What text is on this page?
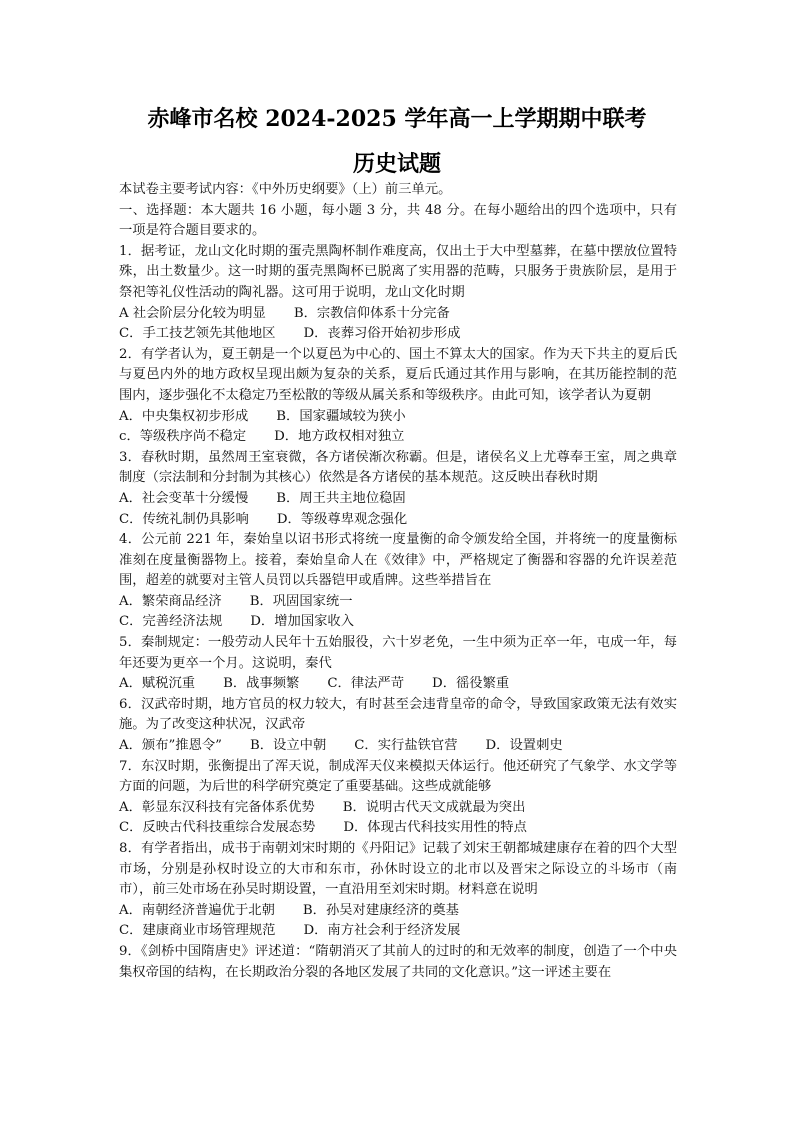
赤峰市名校 2024-2025 学年高一上学期期中联考
历史试题

本试卷主要考试内容：《中外历史纲要》（上）前三单元。

一、选择题：本大题共 16 小题，每小题 3 分，共 48 分。在每小题给出的四个选项中，只有一项是符合题目要求的。

1．据考证，龙山文化时期的蛋壳黑陶杯制作难度高，仅出土于大中型墓葬，在墓中摆放位置特殊，出土数量少。这一时期的蛋壳黑陶杯已脱离了实用器的范畴，只服务于贵族阶层，是用于祭祀等礼仪性活动的陶礼器。这可用于说明，龙山文化时期

A 社会阶层分化较为明显 B．宗教信仰体系十分完备
C．手工技艺领先其他地区 D．丧葬习俗开始初步形成

2．有学者认为，夏王朝是一个以夏邑为中心的、国土不算太大的国家。作为天下共主的夏后氏与夏邑内外的地方政权呈现出颇为复杂的关系，夏后氏通过其作用与影响，在其历能控制的范围内，逐步强化不太稳定乃至松散的等级从属关系和等级秩序。由此可知，该学者认为夏朝

A．中央集权初步形成 B．国家疆域较为狭小
c．等级秩序尚不稳定 D．地方政权相对独立

3．春秋时期，虽然周王室衰微，各方诸侯渐次称霸。但是，诸侯名义上尤尊奉王室，周之典章制度（宗法制和分封制为其核心）依然是各方诸侯的基本规范。这反映出春秋时期

A．社会变革十分缓慢 B．周王共主地位稳固
C．传统礼制仍具影响 D．等级尊卑观念强化

4．公元前 221 年，秦始皇以诏书形式将统一度量衡的命令颁发给全国，并将统一的度量衡标准刻在度量衡器物上。接着，秦始皇命人在《效律》中，严格规定了衡器和容器的允许误差范围，超差的就要对主管人员罚以兵器铠甲或盾牌。这些举措旨在

A．繁荣商品经济 B．巩固国家统一
C．完善经济法规 D．增加国家收入

5．秦制规定：一般劳动人民年十五始服役，六十岁老免，一生中须为正卒一年，屯成一年，每年还要为更卒一个月。这说明，秦代

A．赋税沉重 B．战事频繁 C．律法严苛 D．徭役繁重

6．汉武帝时期，地方官员的权力较大，有时甚至会违背皇帝的命令，导致国家政策无法有效实施。为了改变这种状况，汉武帝

A．颁布”推恩令” B．设立中朝 C．实行盐铁官营 D．设置刺史

7．东汉时期，张衡提出了浑天说，制成浑天仪来模拟天体运行。他还研究了气象学、水文学等方面的问题，为后世的科学研究奠定了重要基础。这些成就能够

A．彰显东汉科技有完备体系优势 B．说明古代天文成就最为突出
C．反映古代科技重综合发展态势 D．体现古代科技实用性的特点

8．有学者指出，成书于南朝刘宋时期的《丹阳记》记载了刘宋王朝都城建康存在着的四个大型市场，分别是孙权时设立的大市和东市，孙休时设立的北市以及晋宋之际设立的斗场市（南市），前三处市场在孙吴时期设置，一直沿用至刘宋时期。材料意在说明

A．南朝经济普遍优于北朝 B．孙吴对建康经济的奠基
C．建康商业市场管理规范 D．南方社会利于经济发展

9．《剑桥中国隋唐史》评述道：“隋朝消灭了其前人的过时的和无效率的制度，创造了一个中央集权帝国的结构，在长期政治分裂的各地区发展了共同的文化意识。”这一评述主要在
